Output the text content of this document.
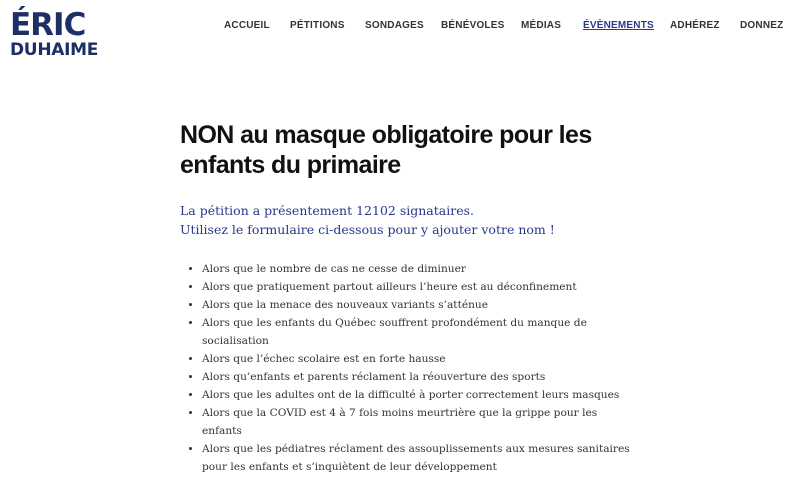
ÉRIC
DUHAIME
ACCUEIL PÉTITIONS SONDAGES BÉNÉVOLES MÉDIAS ÉVÈNEMENTS ADHÉREZ DONNEZ
NON au masque obligatoire pour les enfants du primaire

La pétition a présentement 12102 signataires.

Utilisez le formulaire ci-dessous pour y ajouter votre nom !

• Alors que le nombre de cas ne cesse de diminuer
• Alors que pratiquement partout ailleurs l’heure est au déconfinement
• Alors que la menace des nouveaux variants s’atténue
• Alors que les enfants du Québec souffrent profondément du manque de socialisation
• Alors que l’échec scolaire est en forte hausse
• Alors qu’enfants et parents réclament la réouverture des sports
• Alors que les adultes ont de la difficulté à porter correctement leurs masques
• Alors que la COVID est 4 à 7 fois moins meurtrière que la grippe pour les enfants
• Alors que les pédiatres réclament des assouplissements aux mesures sanitaires pour les enfants et s’inquiètent de leur développement
